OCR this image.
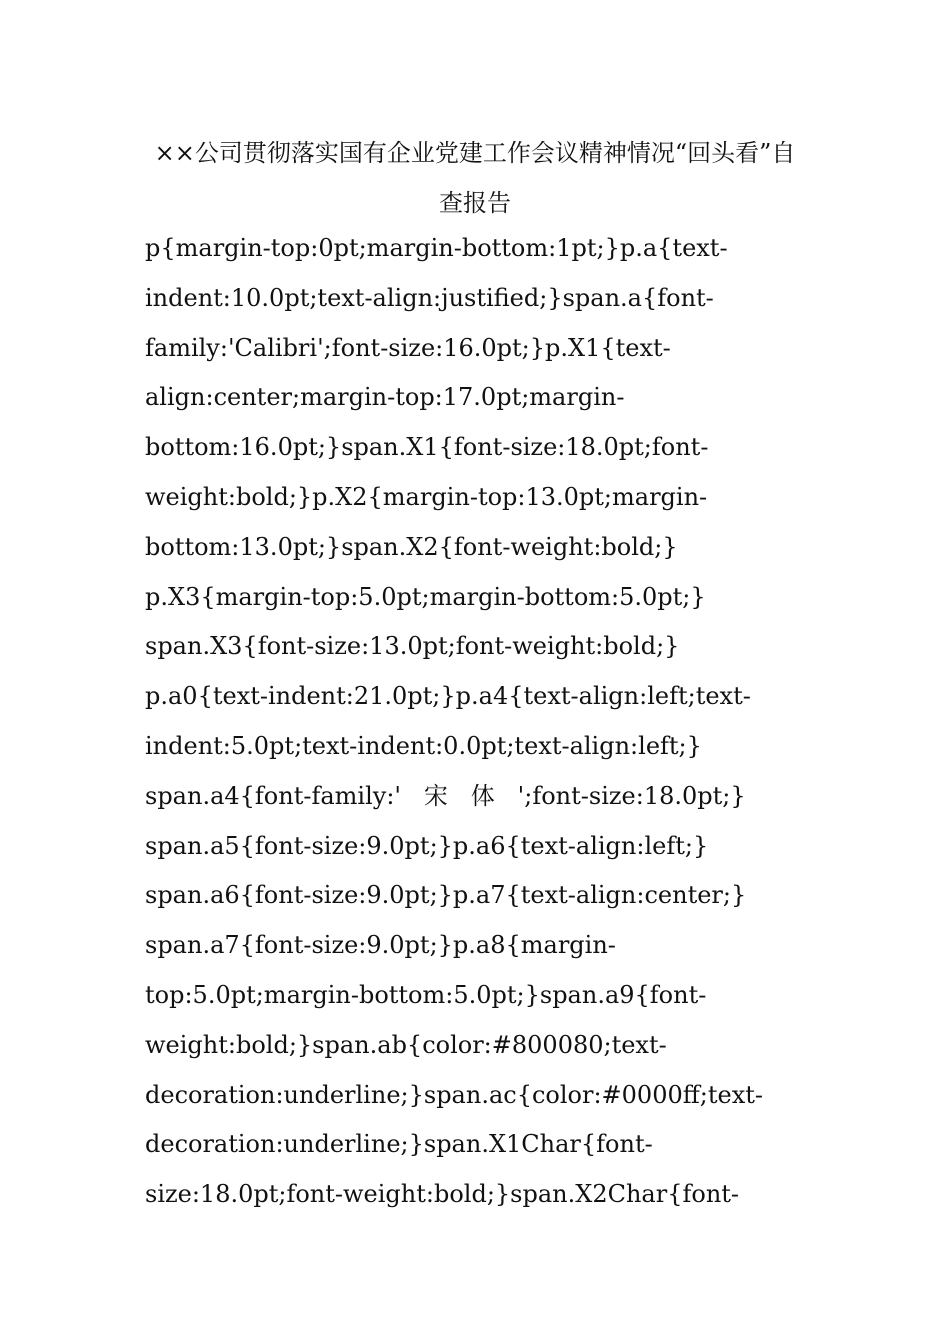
××公司贯彻落实国有企业党建工作会议精神情况“回头看”自查报告
p{margin-top:0pt;margin-bottom:1pt;}p.a{text-
indent:10.0pt;text-align:justified;}span.a{font-
family:'Calibri';font-size:16.0pt;}p.X1{text-
align:center;margin-top:17.0pt;margin-
bottom:16.0pt;}span.X1{font-size:18.0pt;font-
weight:bold;}p.X2{margin-top:13.0pt;margin-
bottom:13.0pt;}span.X2{font-weight:bold;}
p.X3{margin-top:5.0pt;margin-bottom:5.0pt;}
span.X3{font-size:13.0pt;font-weight:bold;}
p.a0{text-indent:21.0pt;}p.a4{text-align:left;text-
indent:5.0pt;text-indent:0.0pt;text-align:left;}
span.a4{font-family:'   宋   体   ';font-size:18.0pt;}
span.a5{font-size:9.0pt;}p.a6{text-align:left;}
span.a6{font-size:9.0pt;}p.a7{text-align:center;}
span.a7{font-size:9.0pt;}p.a8{margin-
top:5.0pt;margin-bottom:5.0pt;}span.a9{font-
weight:bold;}span.ab{color:#800080;text-
decoration:underline;}span.ac{color:#0000ff;text-
decoration:underline;}span.X1Char{font-
size:18.0pt;font-weight:bold;}span.X2Char{font-
